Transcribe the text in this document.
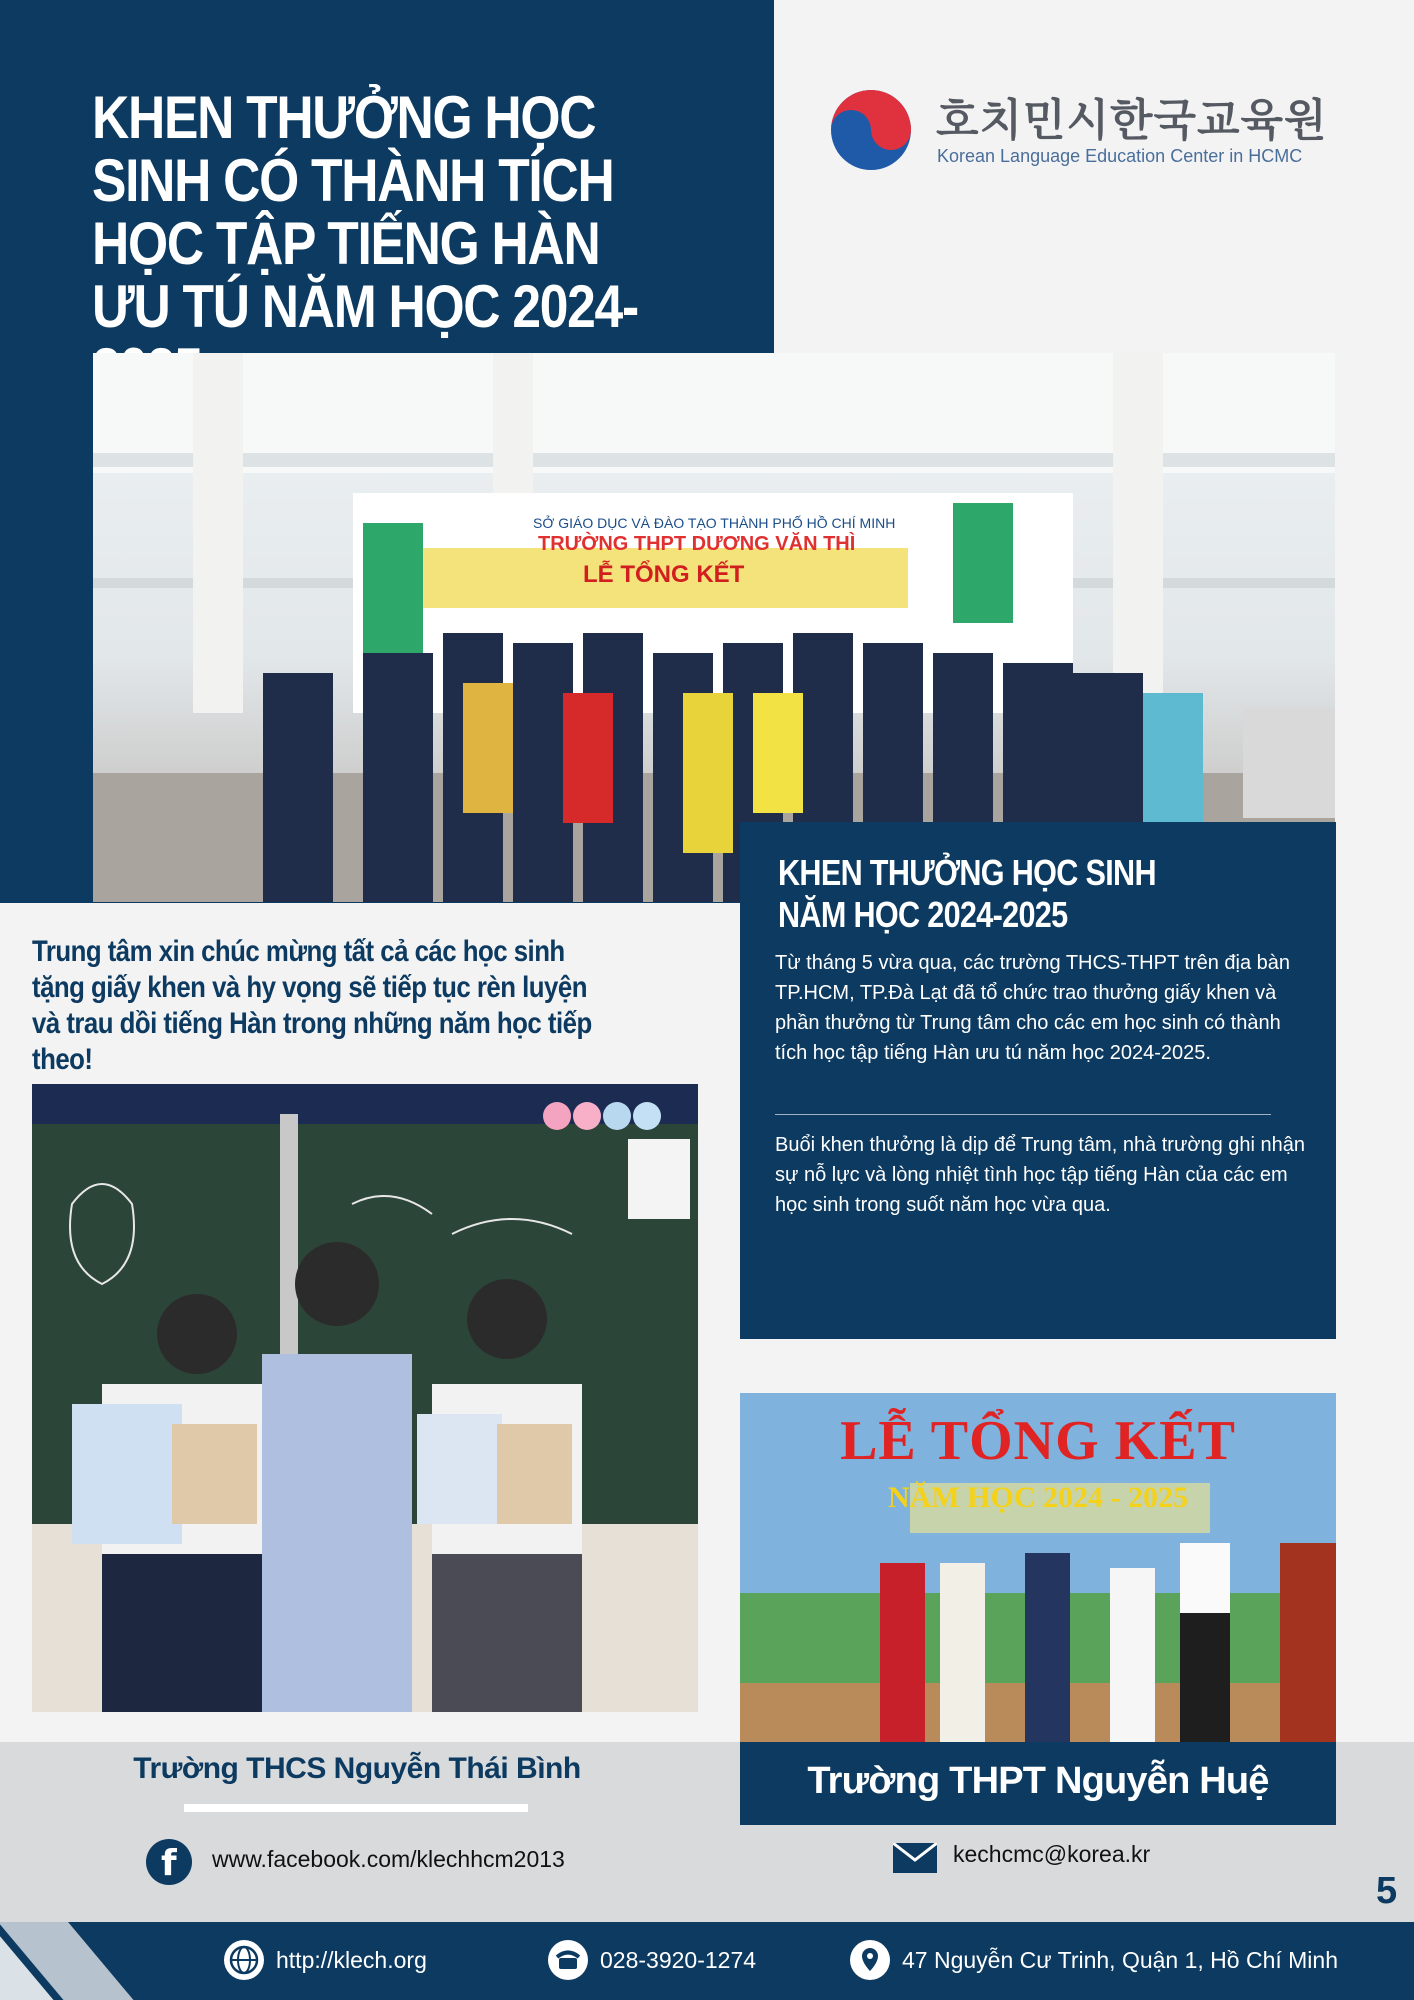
KHEN THƯỞNG HỌC SINH CÓ THÀNH TÍCH HỌC TẬP TIẾNG HÀN ƯU TÚ NĂM HỌC 2024-
호치민시한국교육원
Korean Language Education Center in HCMC
SỞ GIÁO DỤC VÀ ĐÀO TẠO THÀNH PHỐ HỒ CHÍ MINH
TRƯỜNG THPT DƯƠNG VĂN THÌ
LỄ TỔNG KẾT
KHEN THƯỞNG HỌC SINH NĂM HỌC 2024-2025
Từ tháng 5 vừa qua, các trường THCS-THPT trên địa bàn TP.HCM, TP.Đà Lạt đã tổ chức trao thưởng giấy khen và phần thưởng từ Trung tâm cho các em học sinh có thành tích học tập tiếng Hàn ưu tú năm học 2024-2025.
Buổi khen thưởng là dịp để Trung tâm, nhà trường ghi nhận sự nỗ lực và lòng nhiệt tình học tập tiếng Hàn của các em học sinh trong suốt năm học vừa qua.
Trung tâm xin chúc mừng tất cả các học sinh tặng giấy khen và hy vọng sẽ tiếp tục rèn luyện và trau dồi tiếng Hàn trong những năm học tiếp theo!
LỄ TỔNG KẾT
NĂM HỌC 2024 - 2025
Trường THCS Nguyễn Thái Bình	Trường THPT Nguyễn Huệ
f www.facebook.com/klechhcm2013	kechcmc@korea.kr
5
http://klech.org	028-3920-1274	47 Nguyễn Cư Trinh, Quận 1, Hồ Chí Minh
